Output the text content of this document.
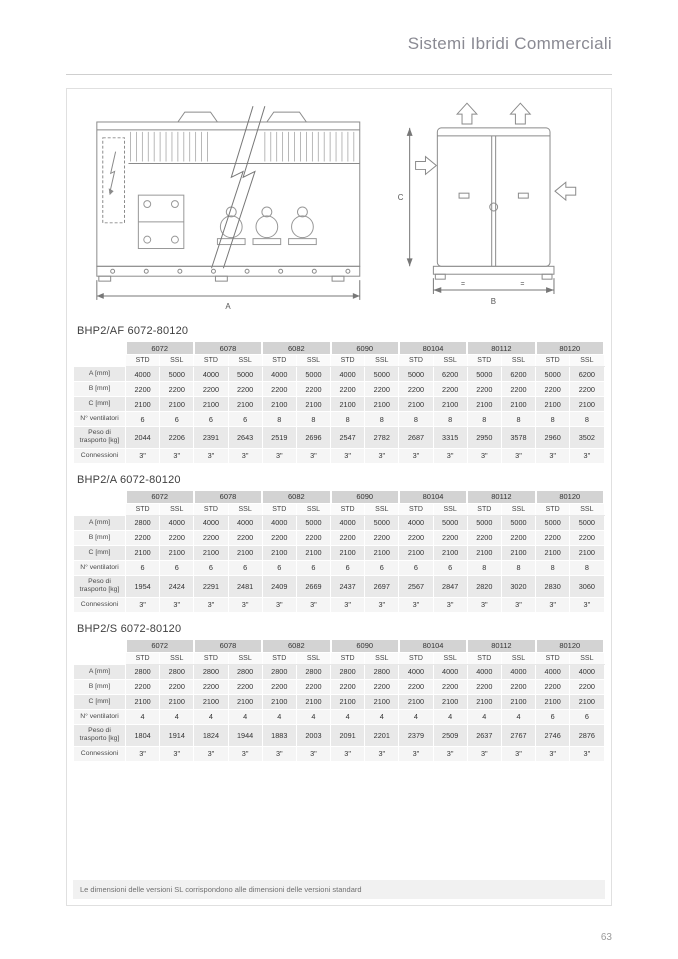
Sistemi Ibridi Commerciali
A
C
=	=
B
BHP2/AF 6072-80120
	6072		6078		6082		6090		80104		80112		80120	
	STD	SSL	STD	SSL	STD	SSL	STD	SSL	STD	SSL	STD	SSL	STD	SSL
A [mm]	4000	5000	4000	5000	4000	5000	4000	5000	5000	6200	5000	6200	5000	6200
B [mm]	2200	2200	2200	2200	2200	2200	2200	2200	2200	2200	2200	2200	2200	2200
C [mm]	2100	2100	2100	2100	2100	2100	2100	2100	2100	2100	2100	2100	2100	2100
N° ventilatori	6	6	6	6	8	8	8	8	8	8	8	8	8	8
Peso di trasporto [kg]	2044	2206	2391	2643	2519	2696	2547	2782	2687	3315	2950	3578	2960	3502
Connessioni	3"	3"	3"	3"	3"	3"	3"	3"	3"	3"	3"	3"	3"	3"
BHP2/A 6072-80120
	6072		6078		6082		6090		80104		80112		80120	
	STD	SSL	STD	SSL	STD	SSL	STD	SSL	STD	SSL	STD	SSL	STD	SSL
A [mm]	2800	4000	4000	4000	4000	5000	4000	5000	4000	5000	5000	5000	5000	5000
B [mm]	2200	2200	2200	2200	2200	2200	2200	2200	2200	2200	2200	2200	2200	2200
C [mm]	2100	2100	2100	2100	2100	2100	2100	2100	2100	2100	2100	2100	2100	2100
N° ventilatori	6	6	6	6	6	6	6	6	6	6	8	8	8	8
Peso di trasporto [kg]	1954	2424	2291	2481	2409	2669	2437	2697	2567	2847	2820	3020	2830	3060
Connessioni	3"	3"	3"	3"	3"	3"	3"	3"	3"	3"	3"	3"	3"	3"
BHP2/S 6072-80120
	6072		6078		6082		6090		80104		80112		80120	
	STD	SSL	STD	SSL	STD	SSL	STD	SSL	STD	SSL	STD	SSL	STD	SSL
A [mm]	2800	2800	2800	2800	2800	2800	2800	2800	4000	4000	4000	4000	4000	4000
B [mm]	2200	2200	2200	2200	2200	2200	2200	2200	2200	2200	2200	2200	2200	2200
C [mm]	2100	2100	2100	2100	2100	2100	2100	2100	2100	2100	2100	2100	2100	2100
N° ventilatori	4	4	4	4	4	4	4	4	4	4	4	4	6	6
Peso di trasporto [kg]	1804	1914	1824	1944	1883	2003	2091	2201	2379	2509	2637	2767	2746	2876
Connessioni	3"	3"	3"	3"	3"	3"	3"	3"	3"	3"	3"	3"	3"	3"
Le dimensioni delle versioni SL corrispondono alle dimensioni delle versioni standard
63
